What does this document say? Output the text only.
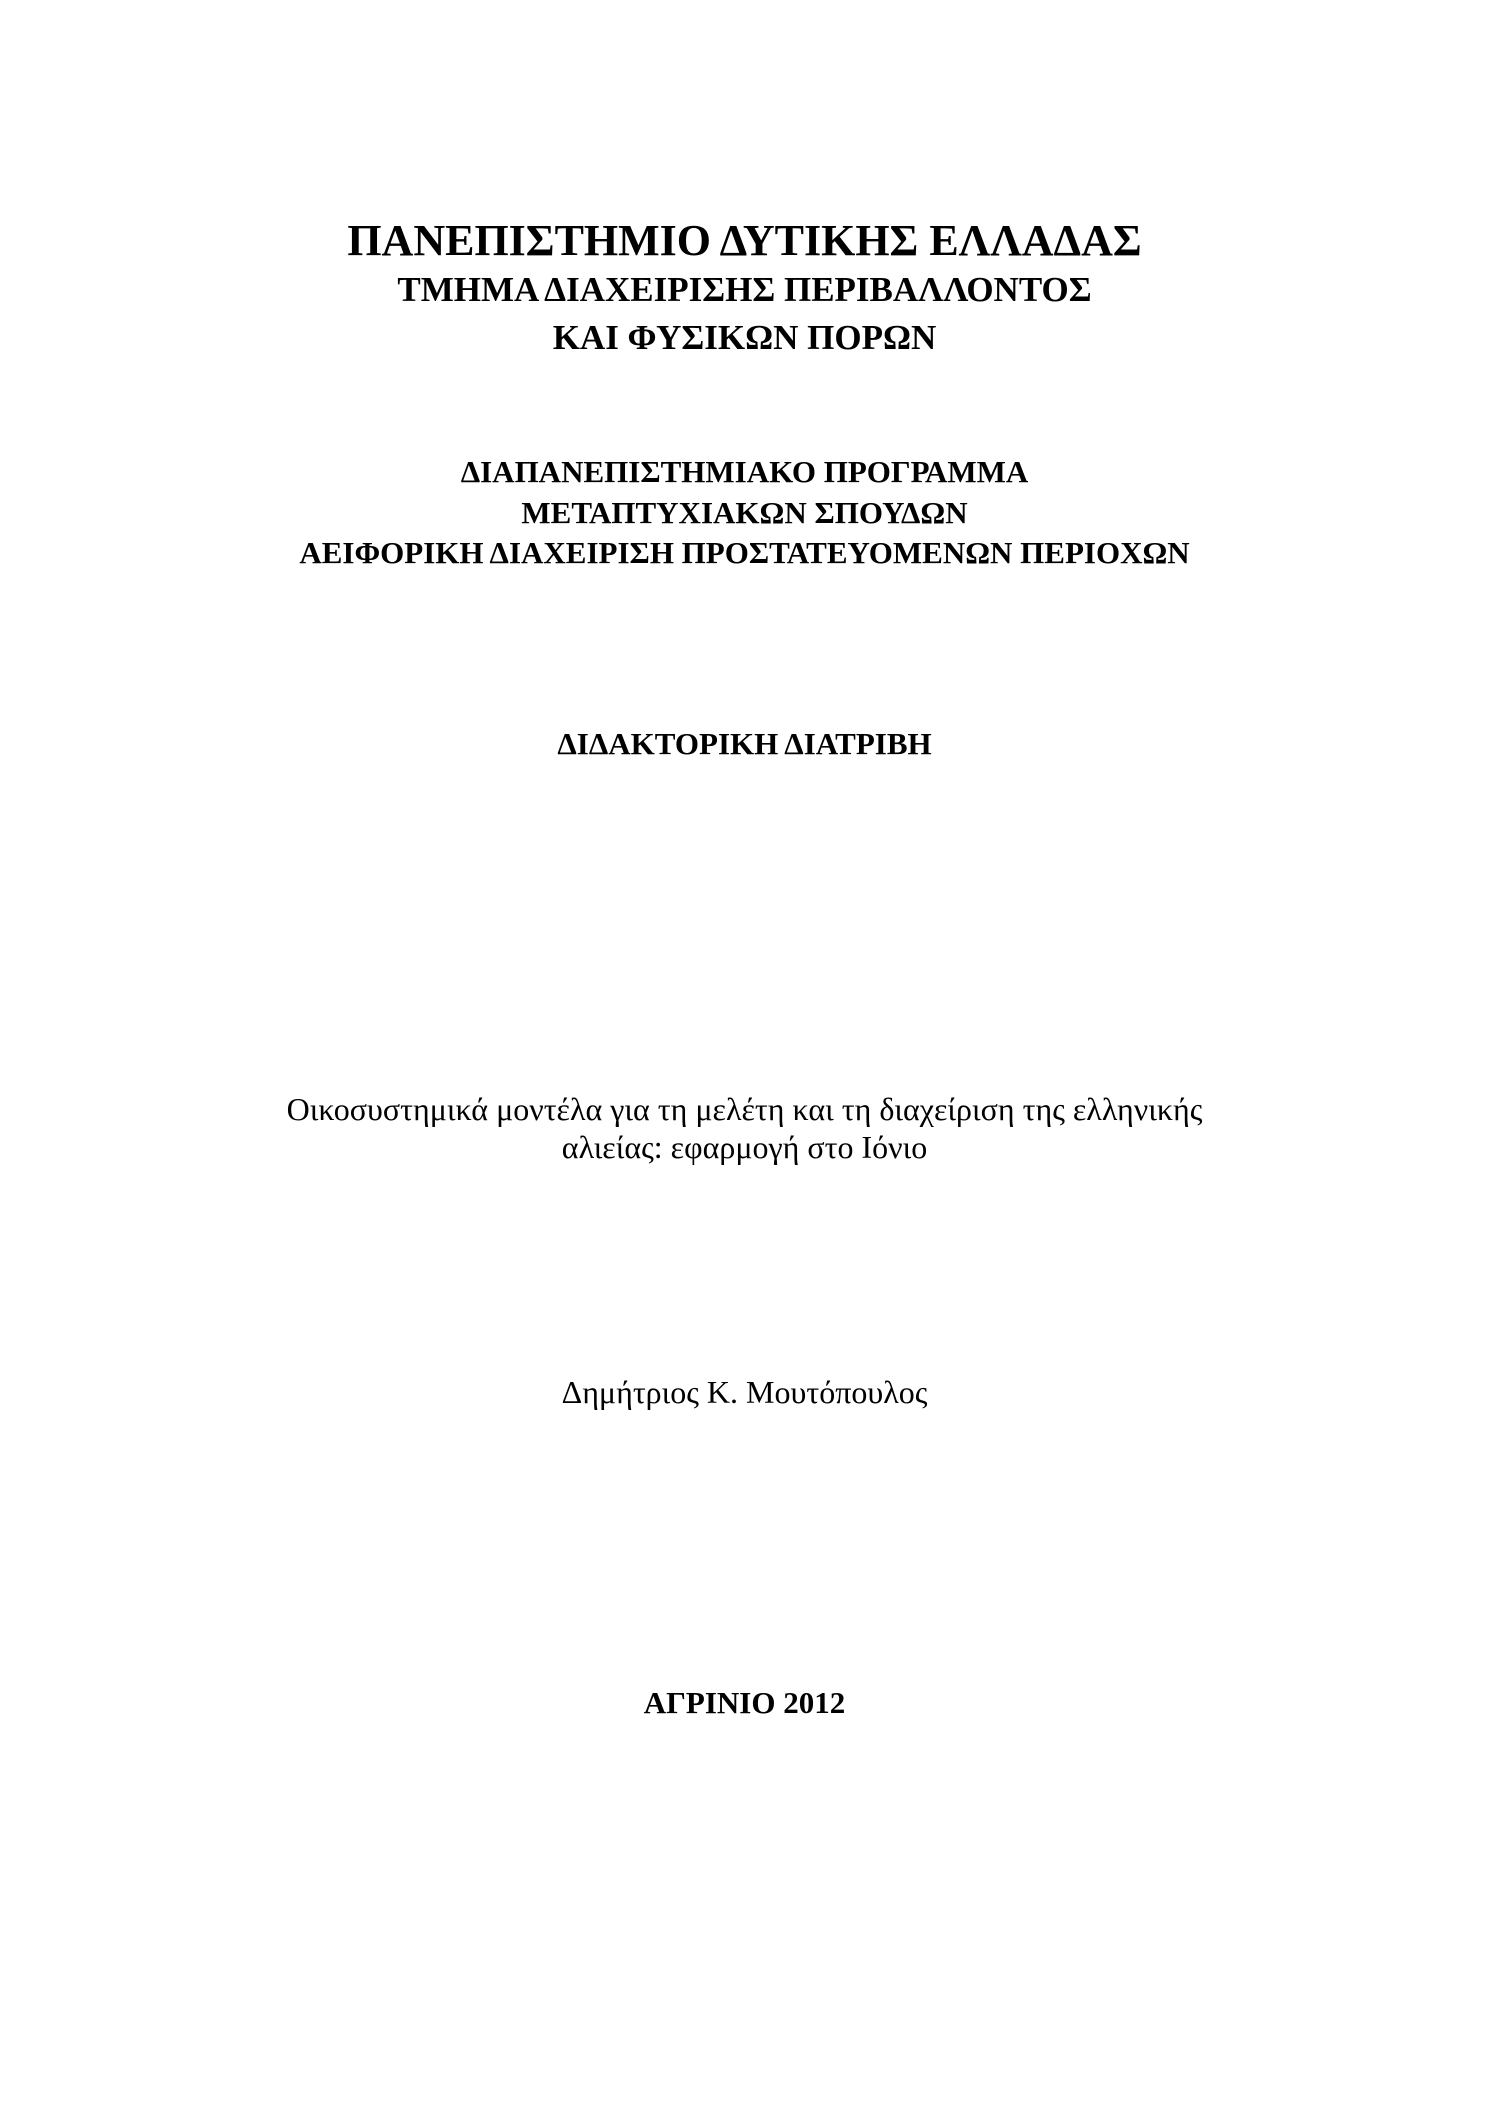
ΠΑΝΕΠΙΣΤΗΜΙΟ ΔΥΤΙΚΗΣ ΕΛΛΑΔΑΣ
ΤΜΗΜΑ ΔΙΑΧΕΙΡΙΣΗΣ ΠΕΡΙΒΑΛΛΟΝΤΟΣ
ΚΑΙ ΦΥΣΙΚΩΝ ΠΟΡΩΝ
ΔΙΑΠΑΝΕΠΙΣΤΗΜΙΑΚΟ ΠΡΟΓΡΑΜΜΑ
ΜΕΤΑΠΤΥΧΙΑΚΩΝ ΣΠΟΥΔΩΝ
ΑΕΙΦΟΡΙΚΗ ΔΙΑΧΕΙΡΙΣΗ ΠΡΟΣΤΑΤΕΥΟΜΕΝΩΝ ΠΕΡΙΟΧΩΝ
ΔΙΔΑΚΤΟΡΙΚΗ ΔΙΑΤΡΙΒΗ
Οικοσυστημικά μοντέλα για τη μελέτη και τη διαχείριση της ελληνικής
αλιείας: εφαρμογή στο Ιόνιο
Δημήτριος Κ. Μουτόπουλος
ΑΓΡΙΝΙΟ 2012
